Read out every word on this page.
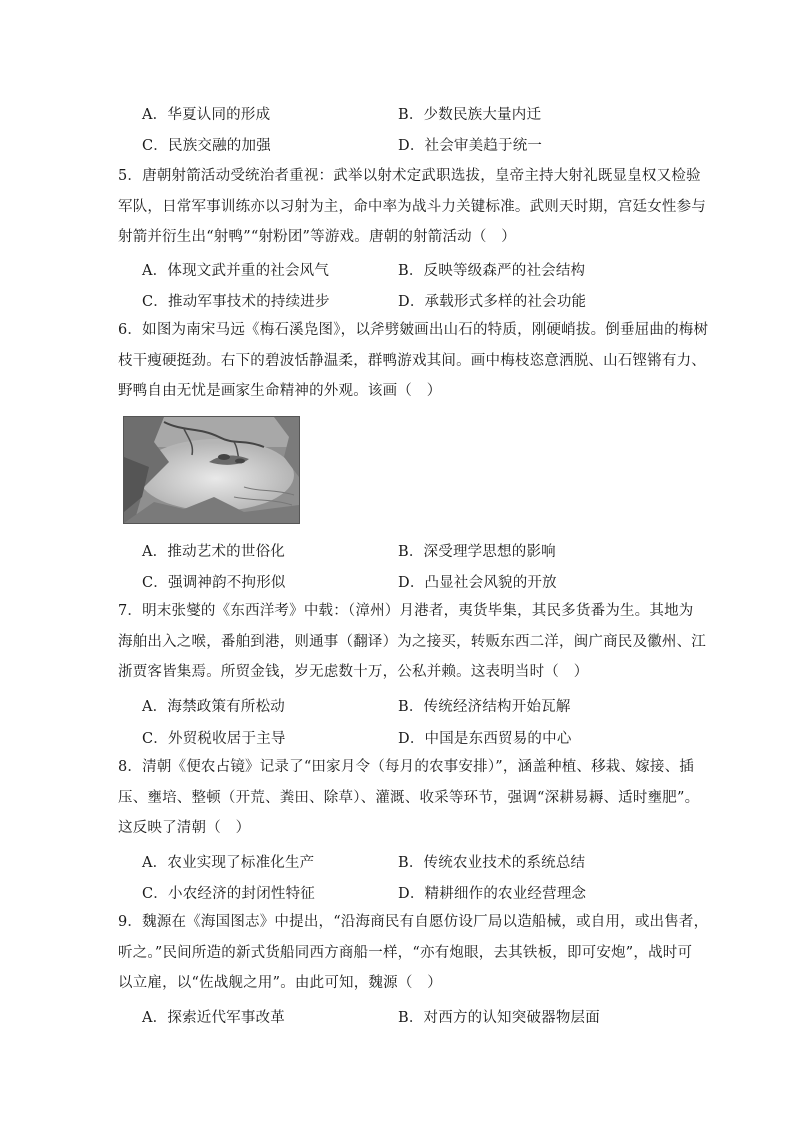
A．华夏认同的形成	B．少数民族大量内迁
C．民族交融的加强	D．社会审美趋于统一

5．唐朝射箭活动受统治者重视：武举以射术定武职选拔，皇帝主持大射礼既显皇权又检验

军队，日常军事训练亦以习射为主，命中率为战斗力关键标准。武则天时期，宫廷女性参与

射箭并衍生出“射鸭”“射粉团”等游戏。唐朝的射箭活动（　）

A．体现文武并重的社会风气	B．反映等级森严的社会结构
C．推动军事技术的持续进步	D．承载形式多样的社会功能

6．如图为南宋马远《梅石溪凫图》，以斧劈皴画出山石的特质，刚硬峭拔。倒垂屈曲的梅树

枝干瘦硬挺劲。右下的碧波恬静温柔，群鸭游戏其间。画中梅枝恣意洒脱、山石铿锵有力、

野鸭自由无忧是画家生命精神的外观。该画（　）

A．推动艺术的世俗化	B．深受理学思想的影响
C．强调神韵不拘形似	D．凸显社会风貌的开放

7．明末张燮的《东西洋考》中载：（漳州）月港者，夷货毕集，其民多货番为生。其地为

海舶出入之喉，番舶到港，则通事（翻译）为之接买，转贩东西二洋，闽广商民及徽州、江

浙贾客皆集焉。所贸金钱，岁无虑数十万，公私并赖。这表明当时（　）

A．海禁政策有所松动	B．传统经济结构开始瓦解
C．外贸税收居于主导	D．中国是东西贸易的中心

8．清朝《便农占镜》记录了“田家月令（每月的农事安排）”，涵盖种植、移栽、嫁接、插

压、壅培、整顿（开荒、粪田、除草）、灌溉、收采等环节，强调“深耕易耨、适时壅肥”。

这反映了清朝（　）

A．农业实现了标准化生产	B．传统农业技术的系统总结
C．小农经济的封闭性特征	D．精耕细作的农业经营理念

9．魏源在《海国图志》中提出，“沿海商民有自愿仿设厂局以造船械，或自用，或出售者，

听之。”民间所造的新式货船同西方商船一样，“亦有炮眼，去其铁板，即可安炮”，战时可

以立雇，以“佐战舰之用”。由此可知，魏源（　）

A．探索近代军事改革	B．对西方的认知突破器物层面
